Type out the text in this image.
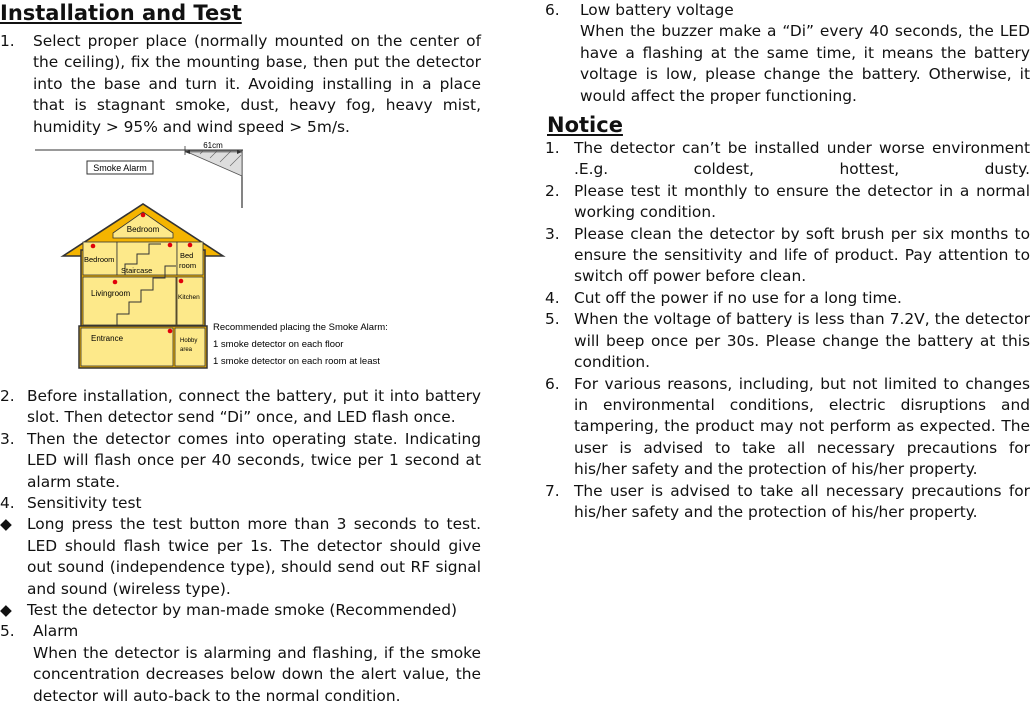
Installation and Test
1. Select proper place (normally mounted on the center of the ceiling), fix the mounting base, then put the detector into the base and turn it. Avoiding installing in a place that is stagnant smoke, dust, heavy fog, heavy mist, humidity > 95% and wind speed > 5m/s.
61cm
Smoke Alarm
Bedroom
Bedroom
Staircase
Bed
room
Livingroom	Kitchen
Entrance	Hobby
area
Recommended placing the Smoke Alarm:
1 smoke detector on each floor
1 smoke detector on each room at least
2. Before installation, connect the battery, put it into battery slot. Then detector send “Di” once, and LED flash once.
3. Then the detector comes into operating state. Indicating LED will flash once per 40 seconds, twice per 1 second at alarm state.
4. Sensitivity test
◆ Long press the test button more than 3 seconds to test. LED should flash twice per 1s. The detector should give out sound (independence type), should send out RF signal and sound (wireless type).
◆ Test the detector by man-made smoke (Recommended)
5. Alarm
When the detector is alarming and flashing, if the smoke concentration decreases below down the alert value, the detector will auto-back to the normal condition.
6. Low battery voltage
When the buzzer make a “Di” every 40 seconds, the LED have a flashing at the same time, it means the battery voltage is low, please change the battery. Otherwise, it would affect the proper functioning.
Notice
1. The detector can’t be installed under worse environment .E.g. coldest, hottest, dusty.
2. Please test it monthly to ensure the detector in a normal working condition.
3. Please clean the detector by soft brush per six months to ensure the sensitivity and life of product. Pay attention to switch off power before clean.
4. Cut off the power if no use for a long time.
5. When the voltage of battery is less than 7.2V, the detector will beep once per 30s. Please change the battery at this condition.
6. For various reasons, including, but not limited to changes in environmental conditions, electric disruptions and tampering, the product may not perform as expected. The user is advised to take all necessary precautions for his/her safety and the protection of his/her property.
7. The user is advised to take all necessary precautions for his/her safety and the protection of his/her property.
